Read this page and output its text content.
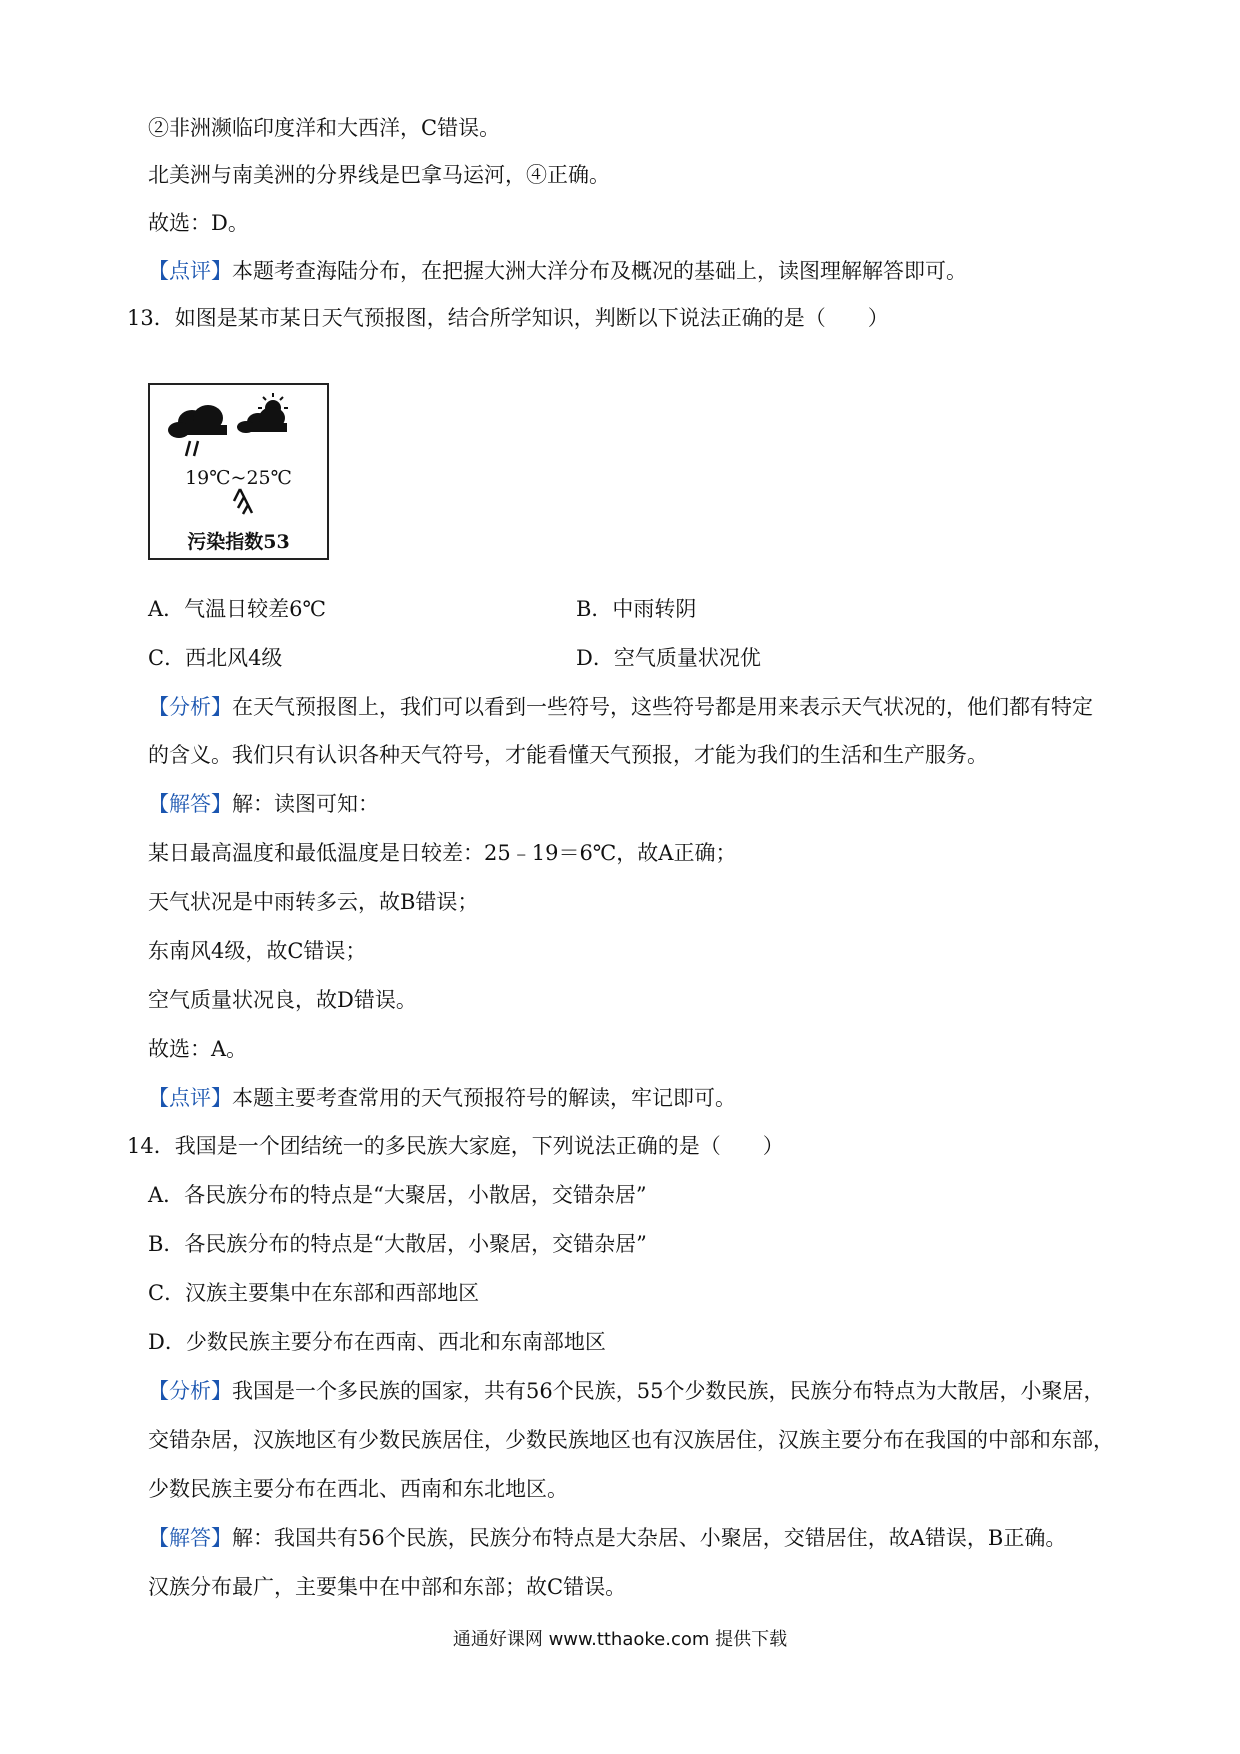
②非洲濒临印度洋和大西洋，C错误。
北美洲与南美洲的分界线是巴拿马运河，④正确。
故选：D。
【点评】本题考查海陆分布，在把握大洲大洋分布及概况的基础上，读图理解解答即可。
13．如图是某市某日天气预报图，结合所学知识，判断以下说法正确的是（　　）
19℃~25℃
污染指数53
A．气温日较差6℃	B．中雨转阴
C．西北风4级	D．空气质量状况优
【分析】在天气预报图上，我们可以看到一些符号，这些符号都是用来表示天气状况的，他们都有特定
的含义。我们只有认识各种天气符号，才能看懂天气预报，才能为我们的生活和生产服务。
【解答】解：读图可知：
某日最高温度和最低温度是日较差：25﹣19＝6℃，故A正确；
天气状况是中雨转多云，故B错误；
东南风4级，故C错误；
空气质量状况良，故D错误。
故选：A。
【点评】本题主要考查常用的天气预报符号的解读，牢记即可。
14．我国是一个团结统一的多民族大家庭，下列说法正确的是（　　）
A．各民族分布的特点是“大聚居，小散居，交错杂居”
B．各民族分布的特点是“大散居，小聚居，交错杂居”
C．汉族主要集中在东部和西部地区
D．少数民族主要分布在西南、西北和东南部地区
【分析】我国是一个多民族的国家，共有56个民族，55个少数民族，民族分布特点为大散居，小聚居，
交错杂居，汉族地区有少数民族居住，少数民族地区也有汉族居住，汉族主要分布在我国的中部和东部，
少数民族主要分布在西北、西南和东北地区。
【解答】解：我国共有56个民族，民族分布特点是大杂居、小聚居，交错居住，故A错误，B正确。
汉族分布最广，主要集中在中部和东部；故C错误。
通通好课网 www.tthaoke.com 提供下载
